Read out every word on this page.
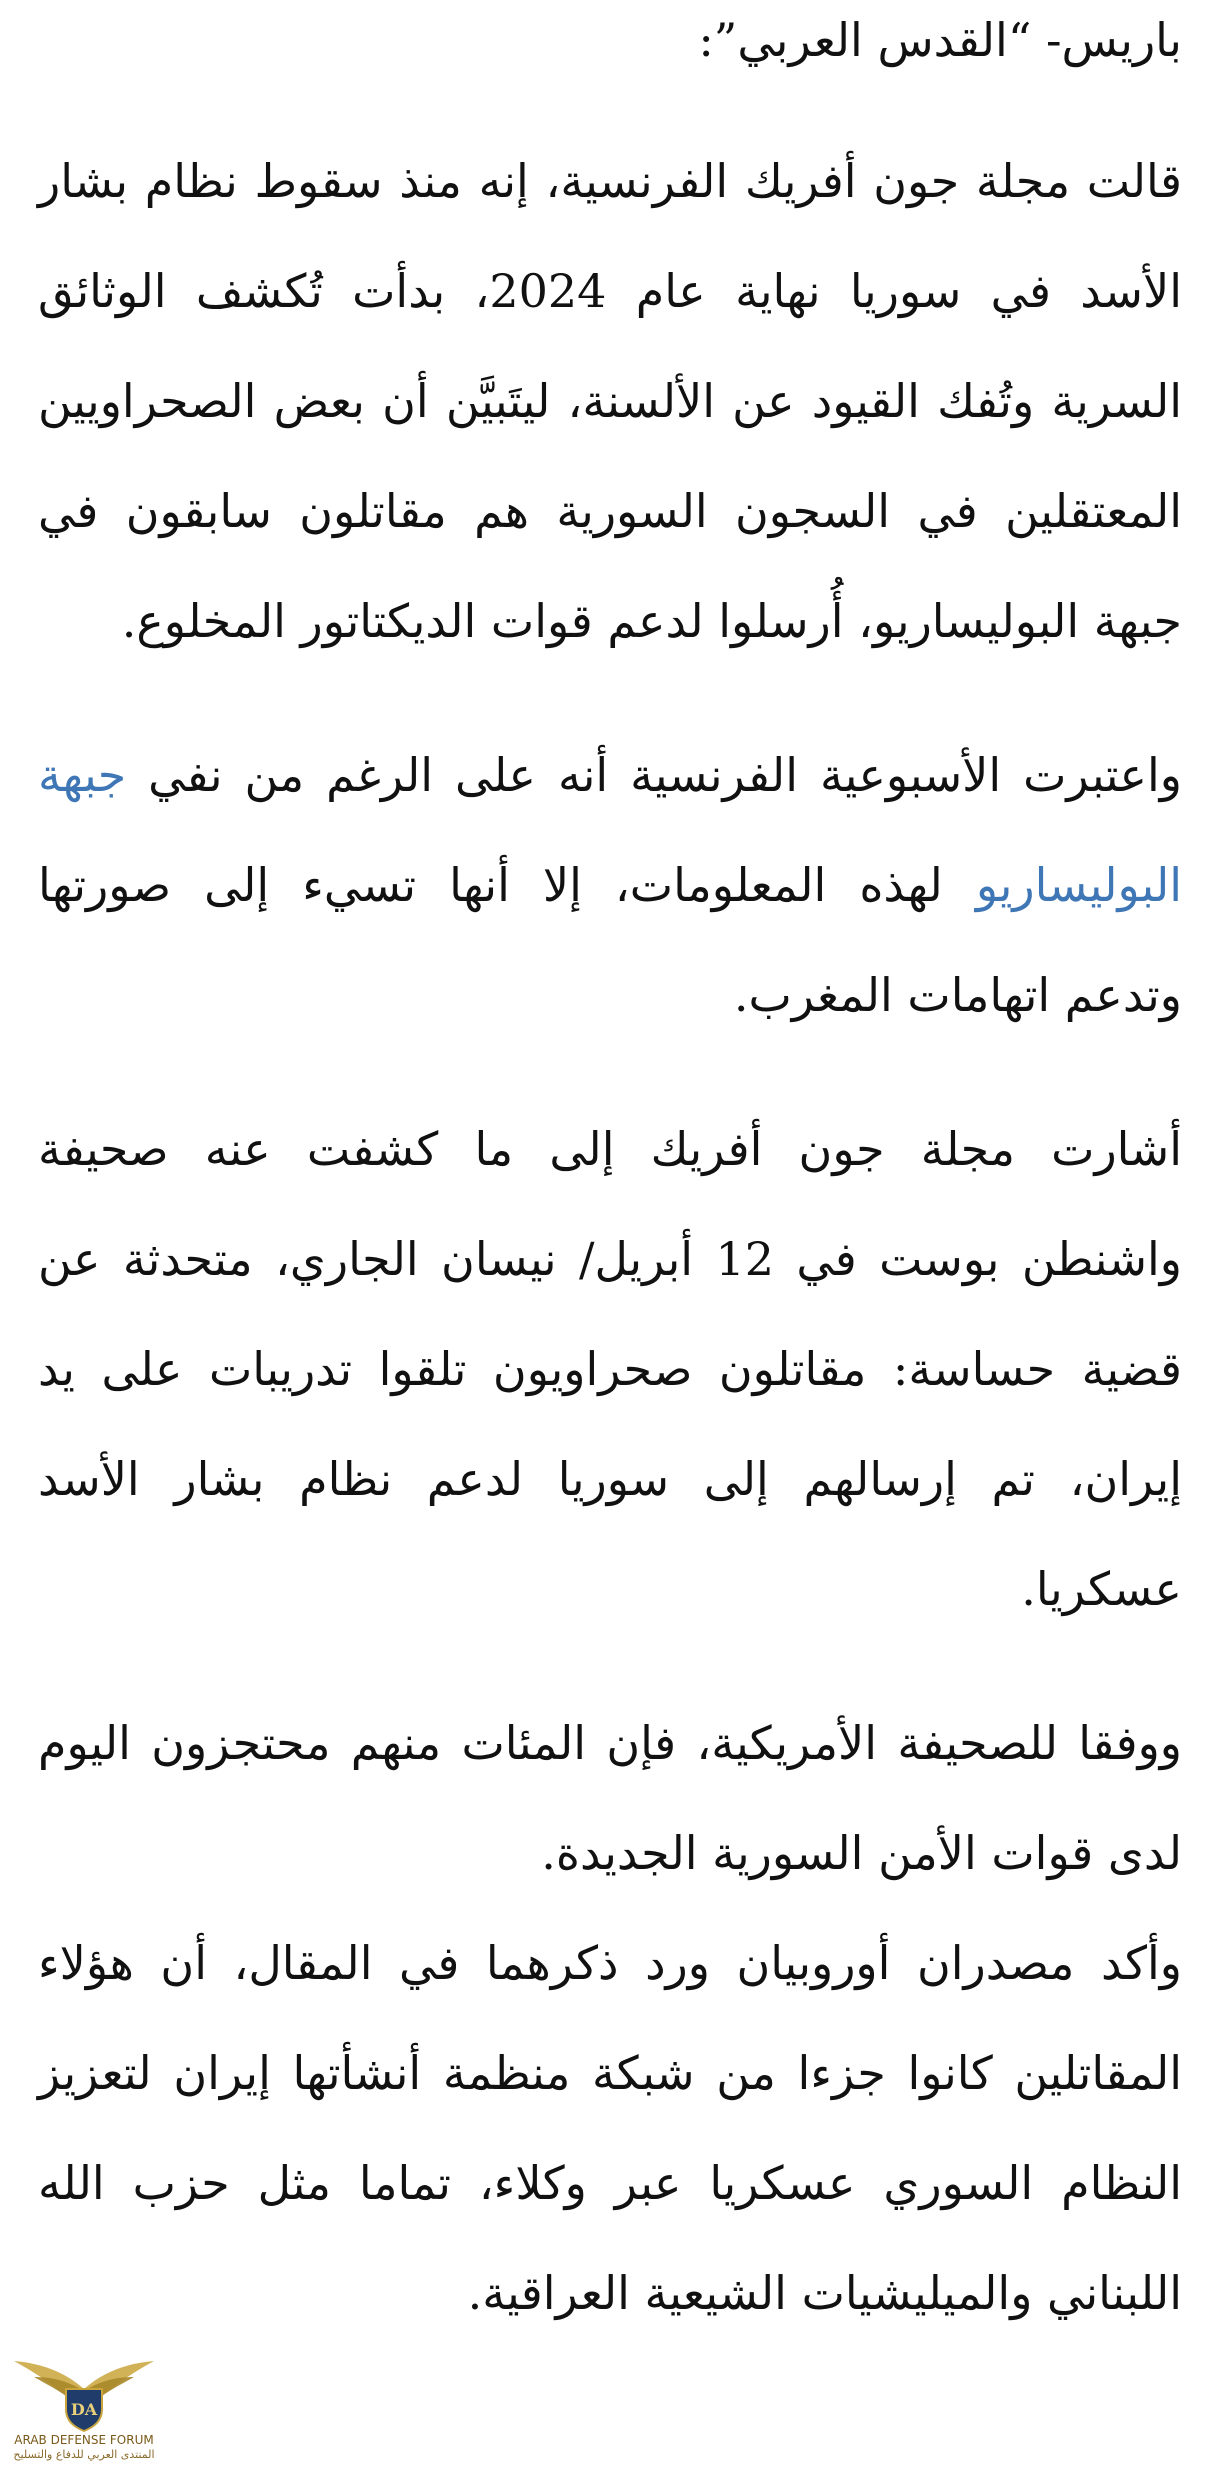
باريس- “القدس العربي”:

قالت مجلة جون أفريك الفرنسية، إنه منذ سقوط نظام بشار الأسد في سوريا نهاية عام 2024، بدأت تُكشف الوثائق السرية وتُفك القيود عن الألسنة، ليتَبيَّن أن بعض الصحراويين المعتقلين في السجون السورية هم مقاتلون سابقون في جبهة البوليساريو، أُرسلوا لدعم قوات الديكتاتور المخلوع.

واعتبرت الأسبوعية الفرنسية أنه على الرغم من نفي جبهة البوليساريو لهذه المعلومات، إلا أنها تسيء إلى صورتها وتدعم اتهامات المغرب.

أشارت مجلة جون أفريك إلى ما كشفت عنه صحيفة واشنطن بوست في 12 أبريل/ نيسان الجاري، متحدثة عن قضية حساسة: مقاتلون صحراويون تلقوا تدريبات على يد إيران، تم إرسالهم إلى سوريا لدعم نظام بشار الأسد عسكريا.

ووفقا للصحيفة الأمريكية، فإن المئات منهم محتجزون اليوم لدى قوات الأمن السورية الجديدة.

وأكد مصدران أوروبيان ورد ذكرهما في المقال، أن هؤلاء المقاتلين كانوا جزءا من شبكة منظمة أنشأتها إيران لتعزيز النظام السوري عسكريا عبر وكلاء، تماما مثل حزب الله اللبناني والميليشيات الشيعية العراقية.

DA
ARAB DEFENSE FORUM
المنتدى العربي للدفاع والتسليح
